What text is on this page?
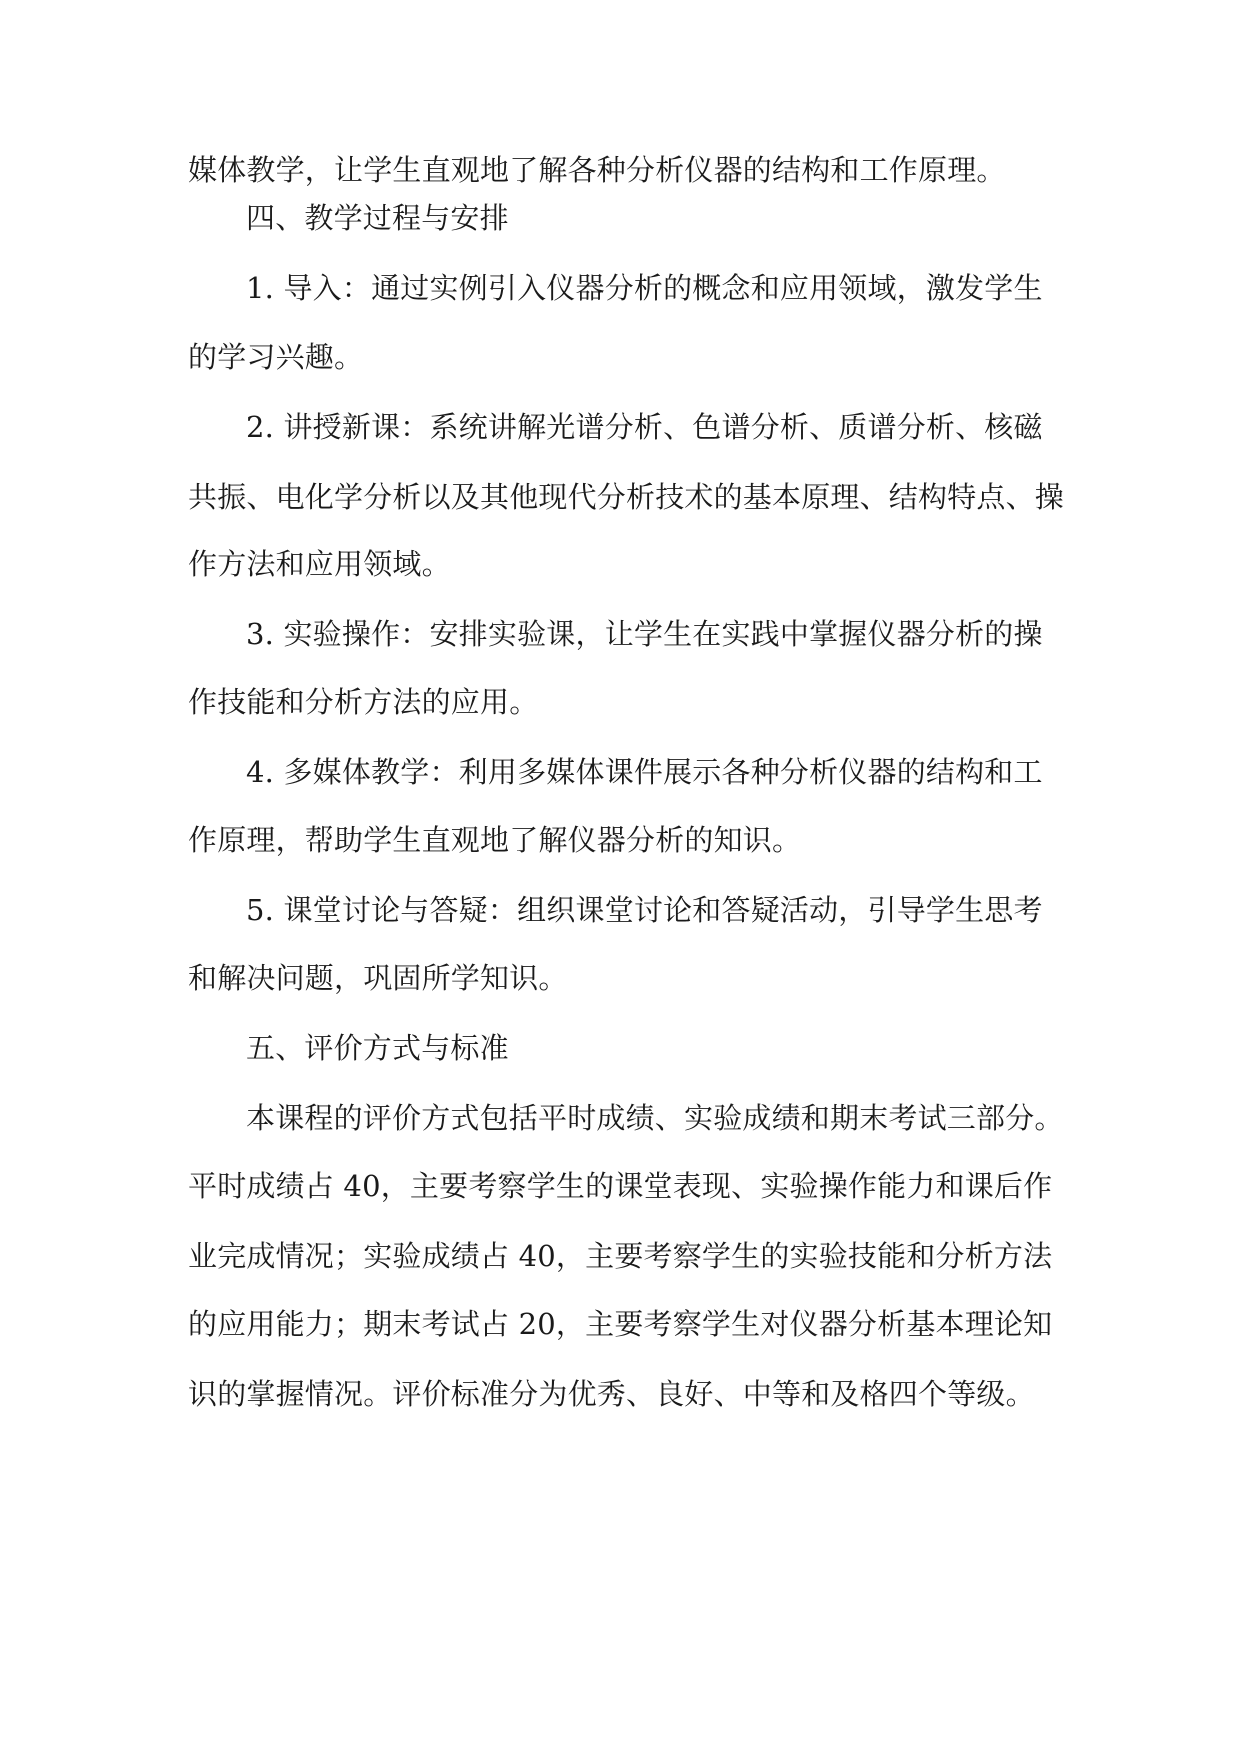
媒体教学，让学生直观地了解各种分析仪器的结构和工作原理。
四、教学过程与安排
1. 导入：通过实例引入仪器分析的概念和应用领域，激发学生
的学习兴趣。
2. 讲授新课：系统讲解光谱分析、色谱分析、质谱分析、核磁
共振、电化学分析以及其他现代分析技术的基本原理、结构特点、操
作方法和应用领域。
3. 实验操作：安排实验课，让学生在实践中掌握仪器分析的操
作技能和分析方法的应用。
4. 多媒体教学：利用多媒体课件展示各种分析仪器的结构和工
作原理，帮助学生直观地了解仪器分析的知识。
5. 课堂讨论与答疑：组织课堂讨论和答疑活动，引导学生思考
和解决问题，巩固所学知识。
五、评价方式与标准
本课程的评价方式包括平时成绩、实验成绩和期末考试三部分。
平时成绩占 40，主要考察学生的课堂表现、实验操作能力和课后作
业完成情况；实验成绩占 40，主要考察学生的实验技能和分析方法
的应用能力；期末考试占 20，主要考察学生对仪器分析基本理论知
识的掌握情况。评价标准分为优秀、良好、中等和及格四个等级。
